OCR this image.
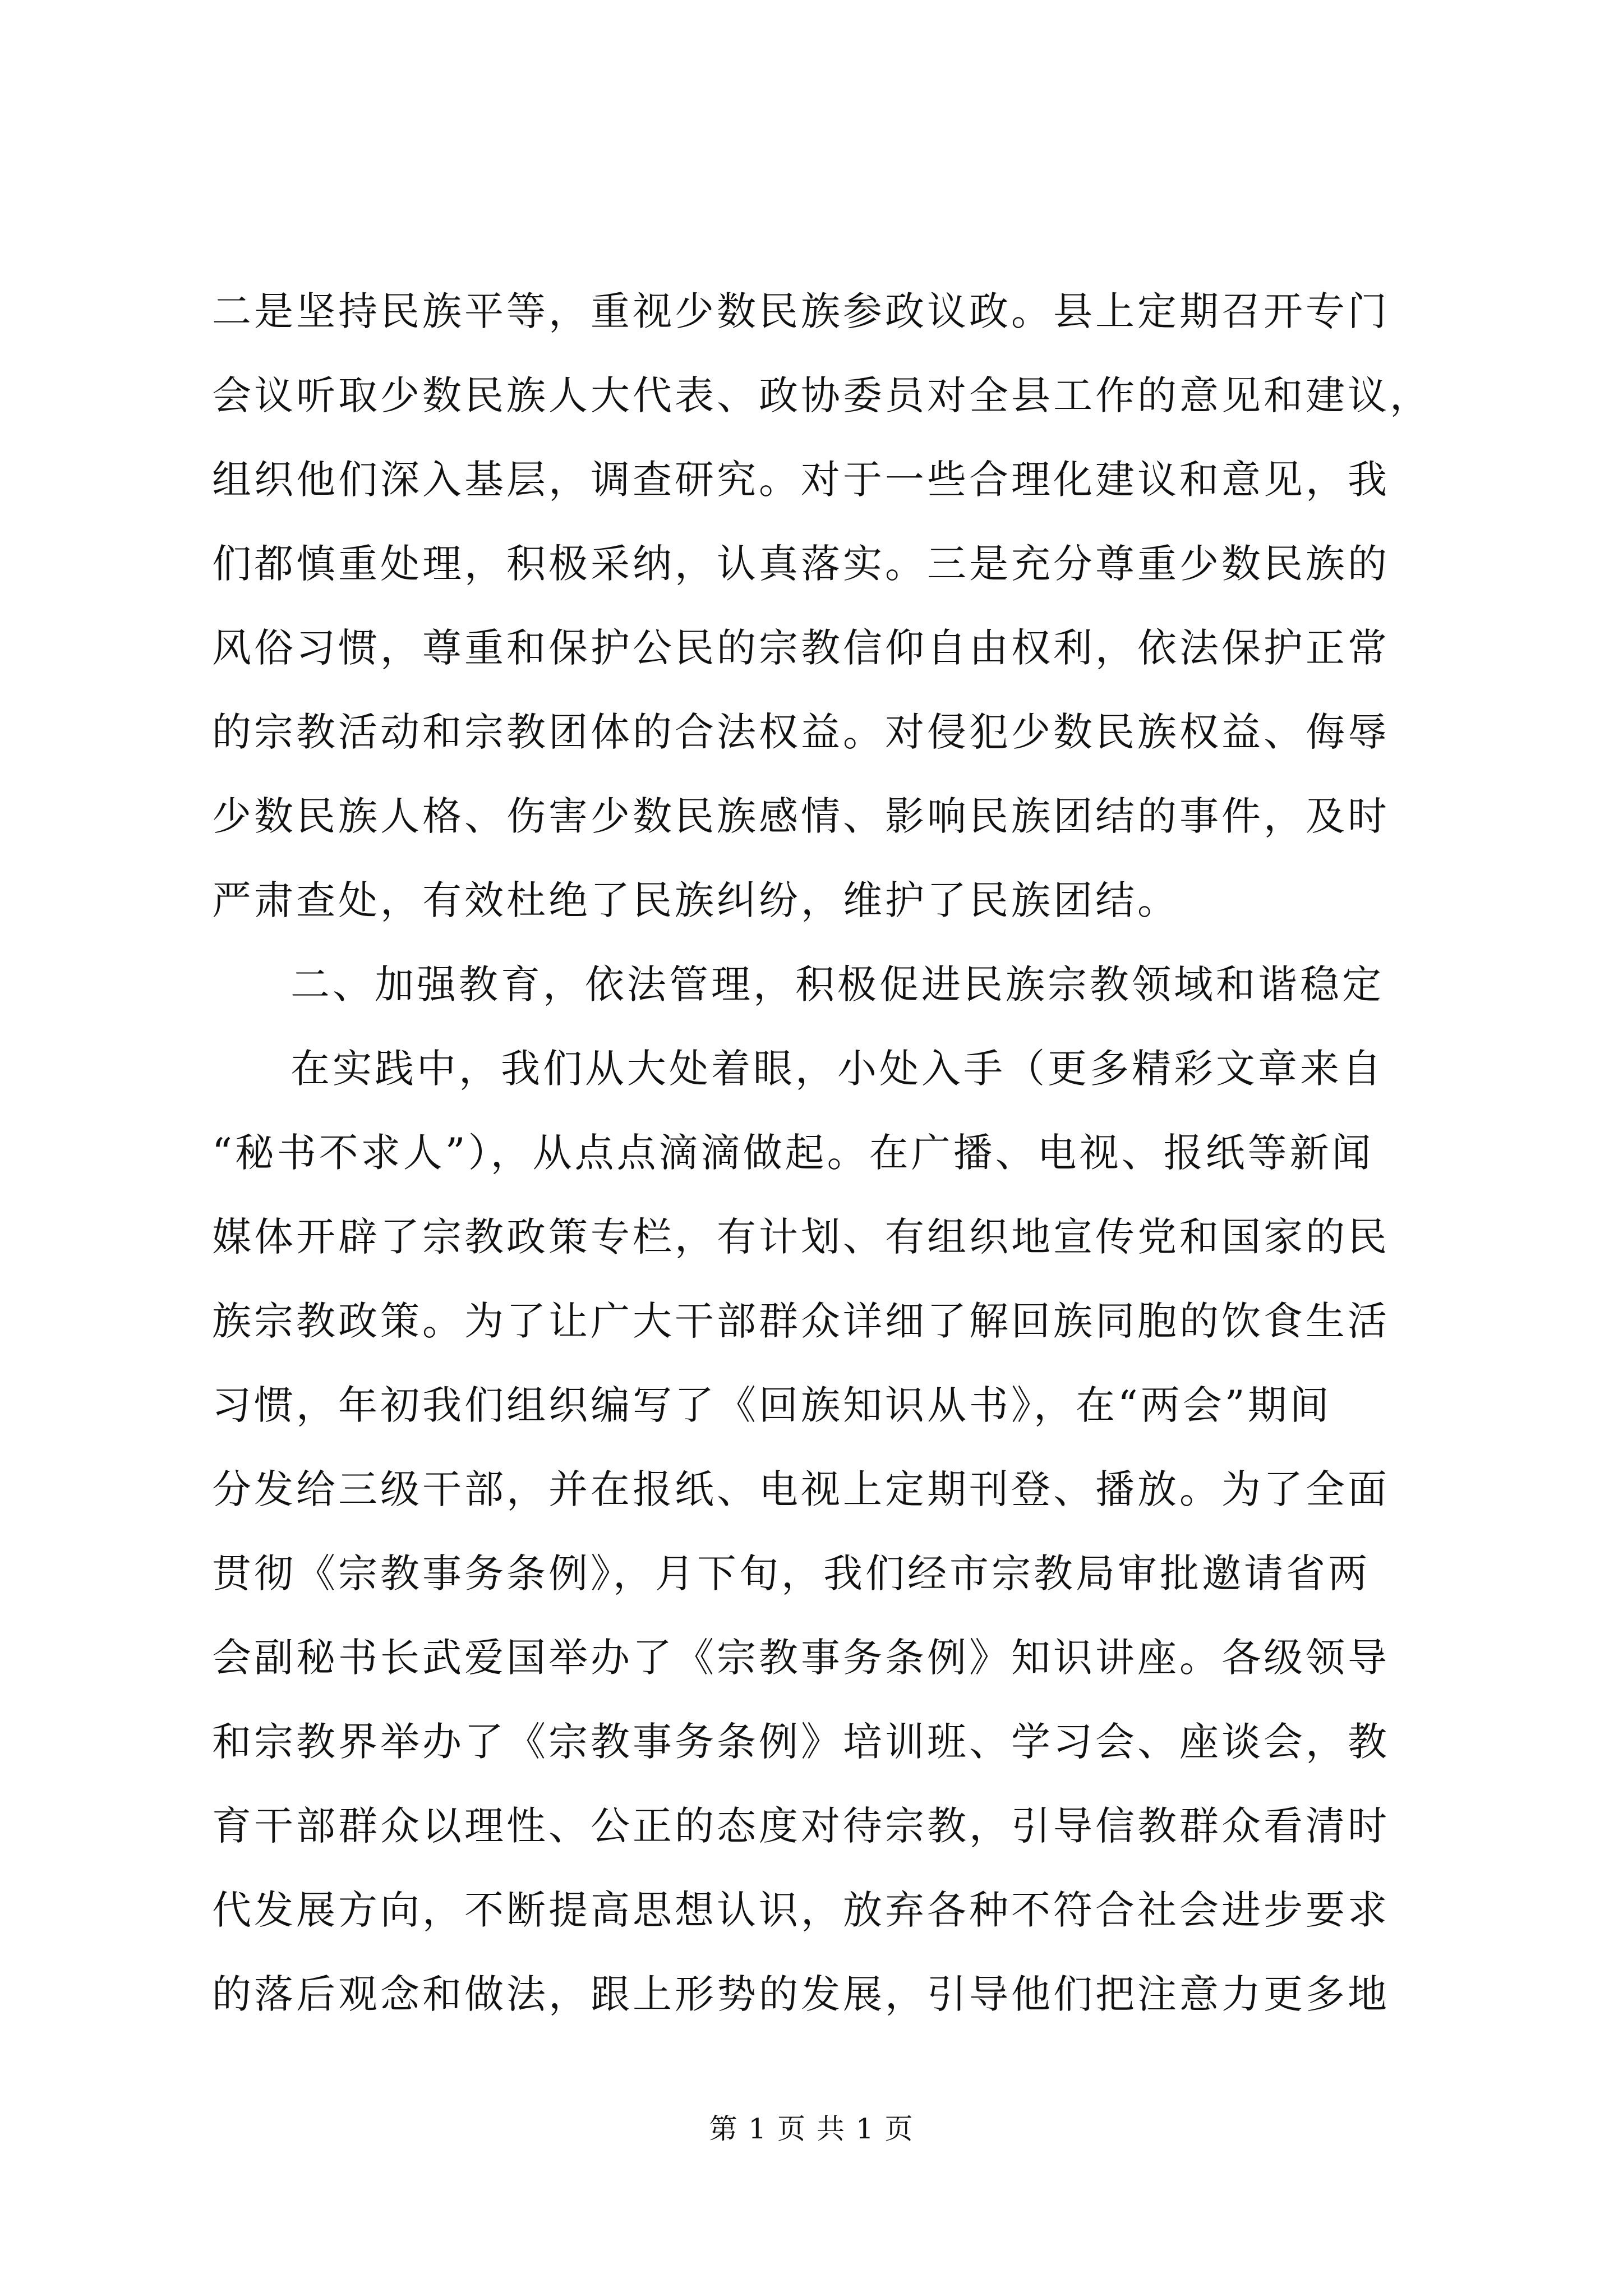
二是坚持民族平等，重视少数民族参政议政。县上定期召开专门
会议听取少数民族人大代表、政协委员对全县工作的意见和建议，
组织他们深入基层，调查研究。对于一些合理化建议和意见，我
们都慎重处理，积极采纳，认真落实。三是充分尊重少数民族的
风俗习惯，尊重和保护公民的宗教信仰自由权利，依法保护正常
的宗教活动和宗教团体的合法权益。对侵犯少数民族权益、侮辱
少数民族人格、伤害少数民族感情、影响民族团结的事件，及时
严肃查处，有效杜绝了民族纠纷，维护了民族团结。
二、加强教育，依法管理，积极促进民族宗教领域和谐稳定
在实践中，我们从大处着眼，小处入手（更多精彩文章来自
“秘书不求人”），从点点滴滴做起。在广播、电视、报纸等新闻
媒体开辟了宗教政策专栏，有计划、有组织地宣传党和国家的民
族宗教政策。为了让广大干部群众详细了解回族同胞的饮食生活
习惯，年初我们组织编写了《回族知识从书》，在“两会”期间
分发给三级干部，并在报纸、电视上定期刊登、播放。为了全面
贯彻《宗教事务条例》，月下旬，我们经市宗教局审批邀请省两
会副秘书长武爱国举办了《宗教事务条例》知识讲座。各级领导
和宗教界举办了《宗教事务条例》培训班、学习会、座谈会，教
育干部群众以理性、公正的态度对待宗教，引导信教群众看清时
代发展方向，不断提高思想认识，放弃各种不符合社会进步要求
的落后观念和做法，跟上形势的发展，引导他们把注意力更多地
第 1 页 共 1 页
